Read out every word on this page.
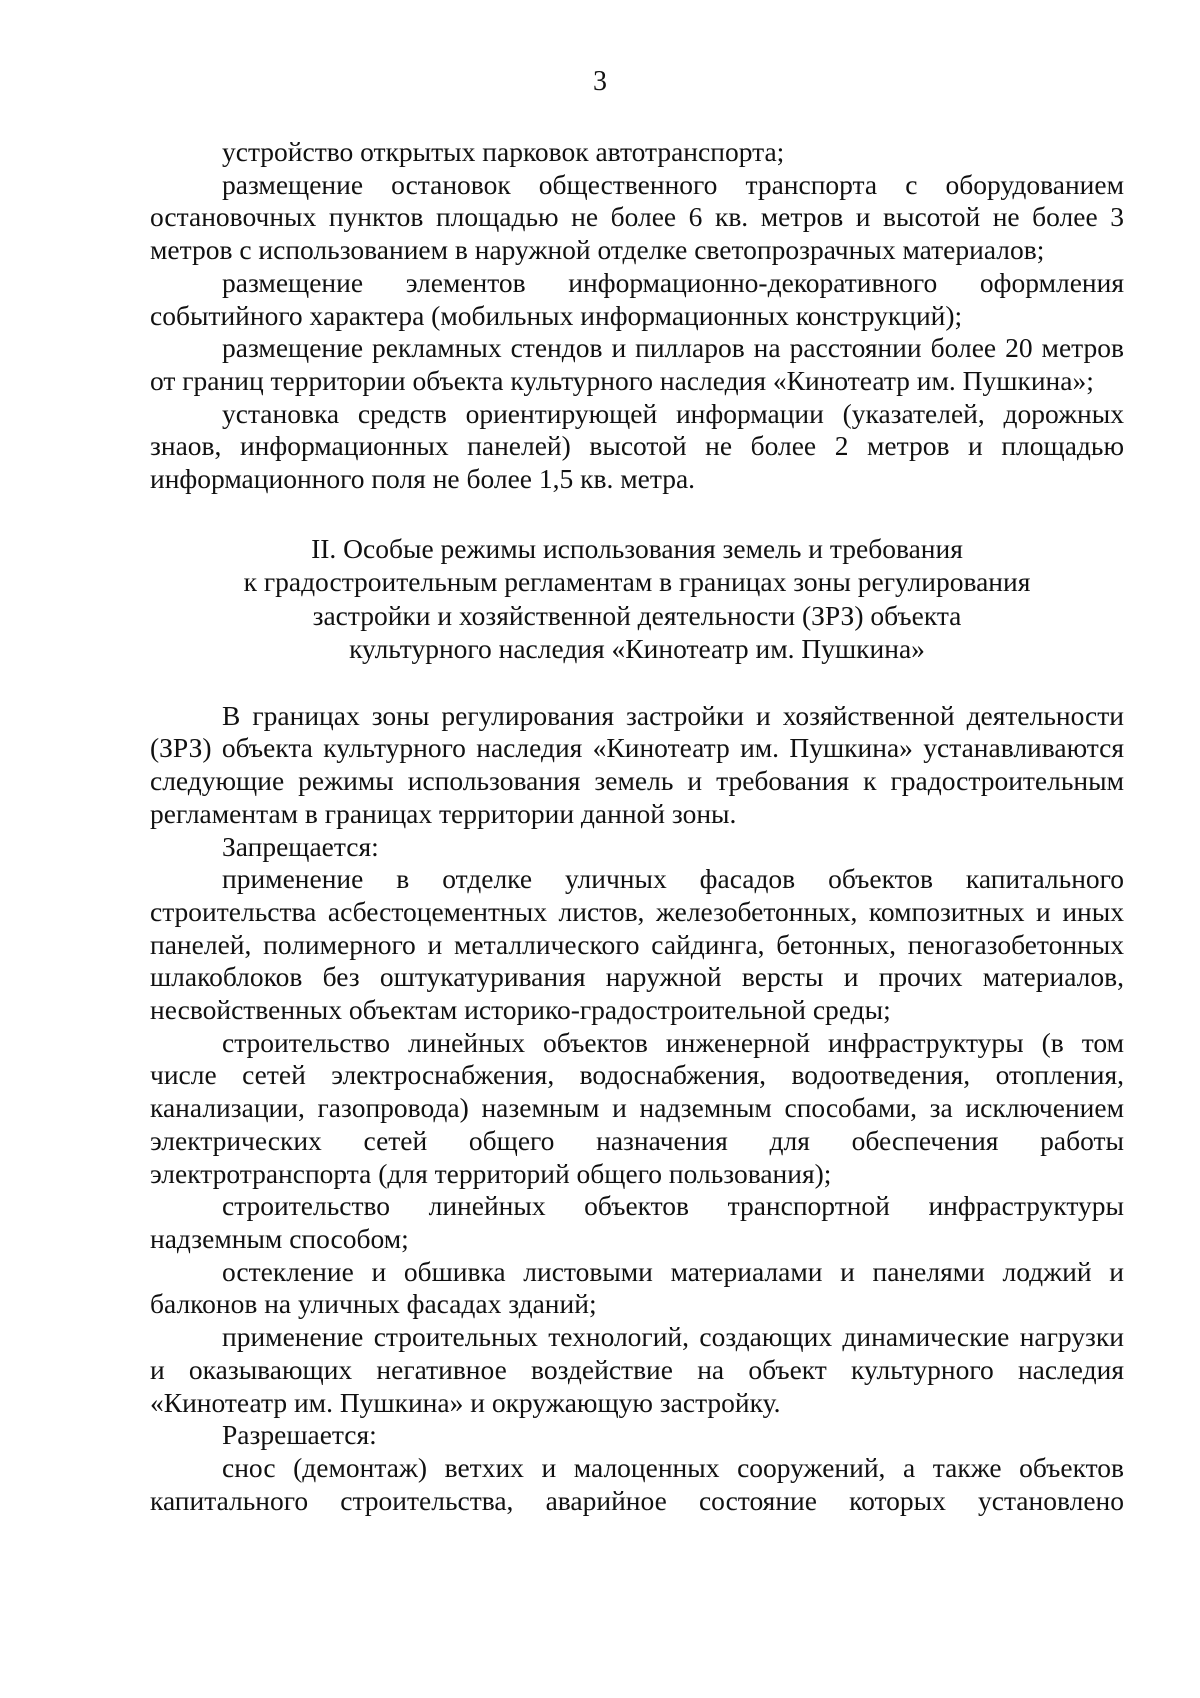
3

устройство открытых парковок автотранспорта;

размещение остановок общественного транспорта с оборудованием остановочных пунктов площадью не более 6 кв. метров и высотой не более 3 метров с использованием в наружной отделке светопрозрачных материалов;

размещение элементов информационно-декоративного оформления событийного характера (мобильных информационных конструкций);

размещение рекламных стендов и пилларов на расстоянии более 20 метров от границ территории объекта культурного наследия «Кинотеатр им. Пушкина»;

установка средств ориентирующей информации (указателей, дорожных знаов, информационных панелей) высотой не более 2 метров и площадью информационного поля не более 1,5 кв. метра.

II. Особые режимы использования земель и требования
к градостроительным регламентам в границах зоны регулирования
застройки и хозяйственной деятельности (ЗРЗ) объекта
культурного наследия «Кинотеатр им. Пушкина»

В границах зоны регулирования застройки и хозяйственной деятельности (ЗРЗ) объекта культурного наследия «Кинотеатр им. Пушкина» устанавливаются следующие режимы использования земель и требования к градостроительным регламентам в границах территории данной зоны.

Запрещается:

применение в отделке уличных фасадов объектов капитального строительства асбестоцементных листов, железобетонных, композитных и иных панелей, полимерного и металлического сайдинга, бетонных, пеногазобетонных шлакоблоков без оштукатуривания наружной версты и прочих материалов, несвойственных объектам историко-градостроительной среды;

строительство линейных объектов инженерной инфраструктуры (в том числе сетей электроснабжения, водоснабжения, водоотведения, отопления, канализации, газопровода) наземным и надземным способами, за исключением электрических сетей общего назначения для обеспечения работы электротранспорта (для территорий общего пользования);

строительство линейных объектов транспортной инфраструктуры надземным способом;

остекление и обшивка листовыми материалами и панелями лоджий и балконов на уличных фасадах зданий;

применение строительных технологий, создающих динамические нагрузки и оказывающих негативное воздействие на объект культурного наследия «Кинотеатр им. Пушкина» и окружающую застройку.

Разрешается:

снос (демонтаж) ветхих и малоценных сооружений, а также объектов капитального строительства, аварийное состояние которых установлено
